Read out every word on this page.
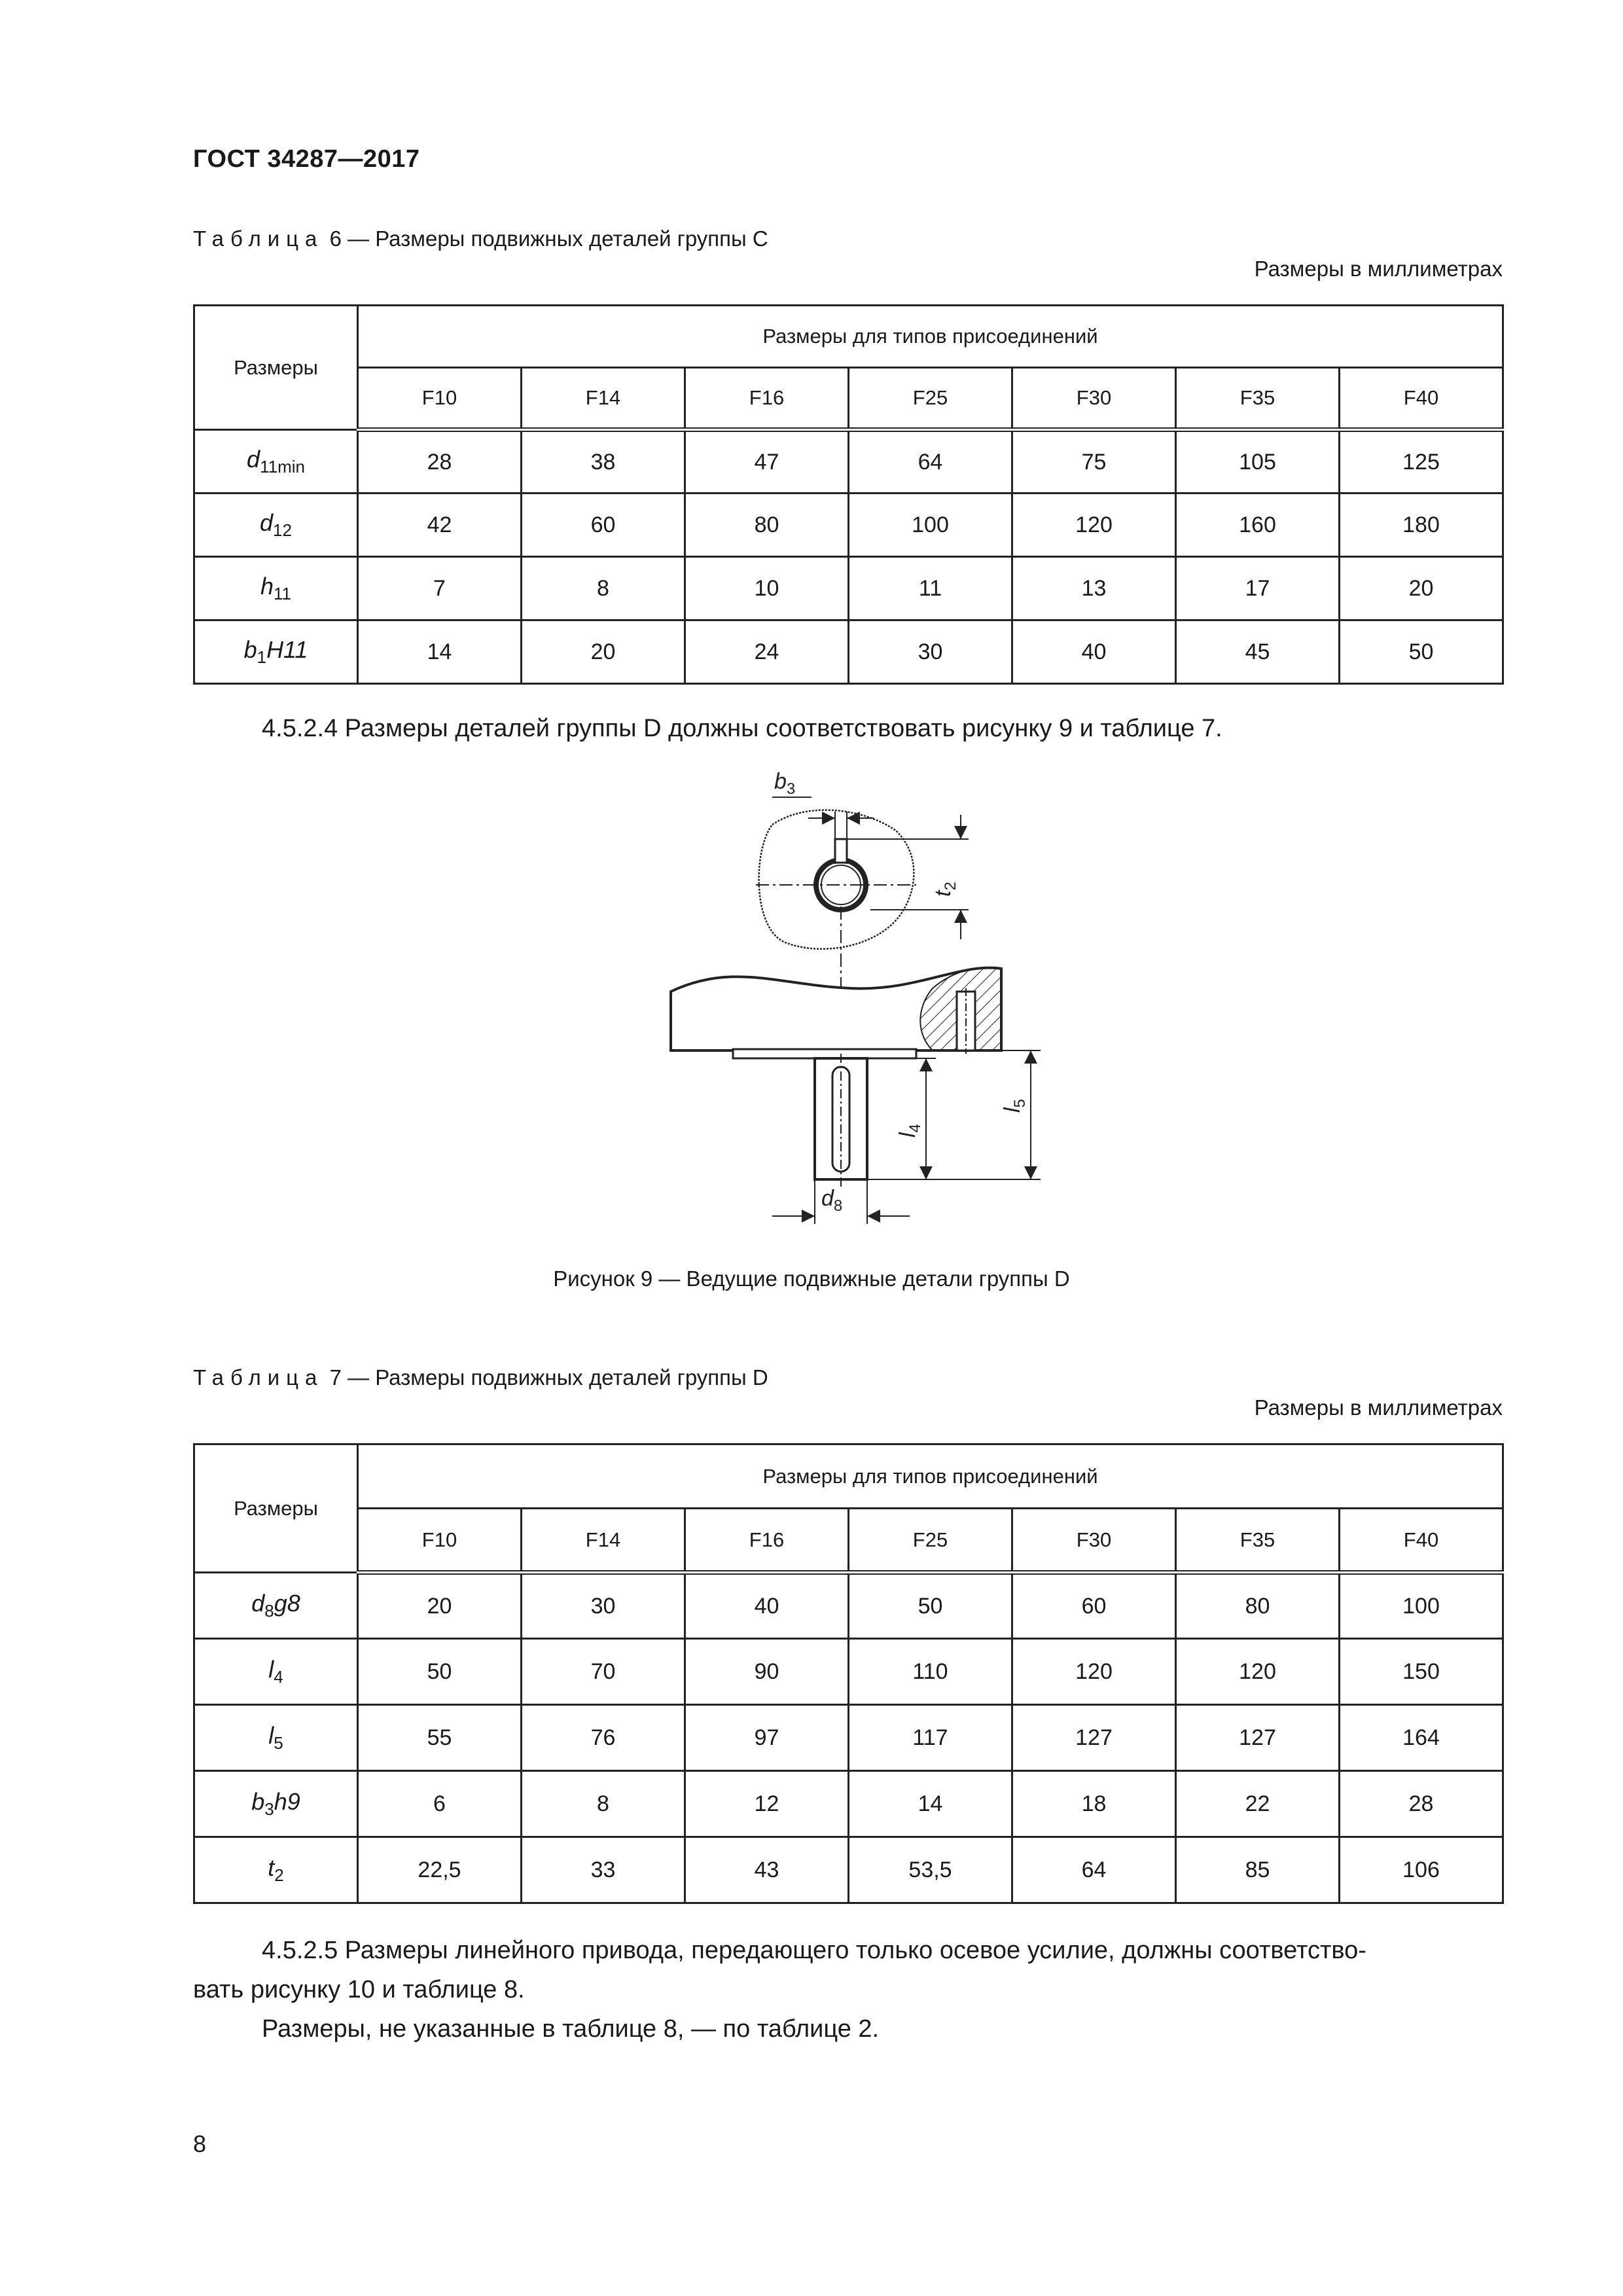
ГОСТ 34287—2017
Таблица 6 — Размеры подвижных деталей группы С
Размеры в миллиметрах
Размеры	Размеры для типов присоединений						
	F10	F14	F16	F25	F30	F35	F40
$d_{11min}$	28	38	47	64	75	105	125
$d_{12}$	42	60	80	100	120	160	180
$h_{11}$	7	8	10	11	13	17	20
$b_1H11$	14	20	24	30	40	45	50
4.5.2.4 Размеры деталей группы D должны соответствовать рисунку 9 и таблице 7.
$b_3$
$t_2$
$l_4$
$l_5$
$d_8$
Рисунок 9 — Ведущие подвижные детали группы D
Таблица 7 — Размеры подвижных деталей группы D
Размеры в миллиметрах
Размеры	Размеры для типов присоединений						
	F10	F14	F16	F25	F30	F35	F40
$d_8g8$	20	30	40	50	60	80	100
$l_4$	50	70	90	110	120	120	150
$l_5$	55	76	97	117	127	127	164
$b_3h9$	6	8	12	14	18	22	28
$t_2$	22,5	33	43	53,5	64	85	106
4.5.2.5 Размеры линейного привода, передающего только осевое усилие, должны соответство-
вать рисунку 10 и таблице 8.
Размеры, не указанные в таблице 8, — по таблице 2.
8
